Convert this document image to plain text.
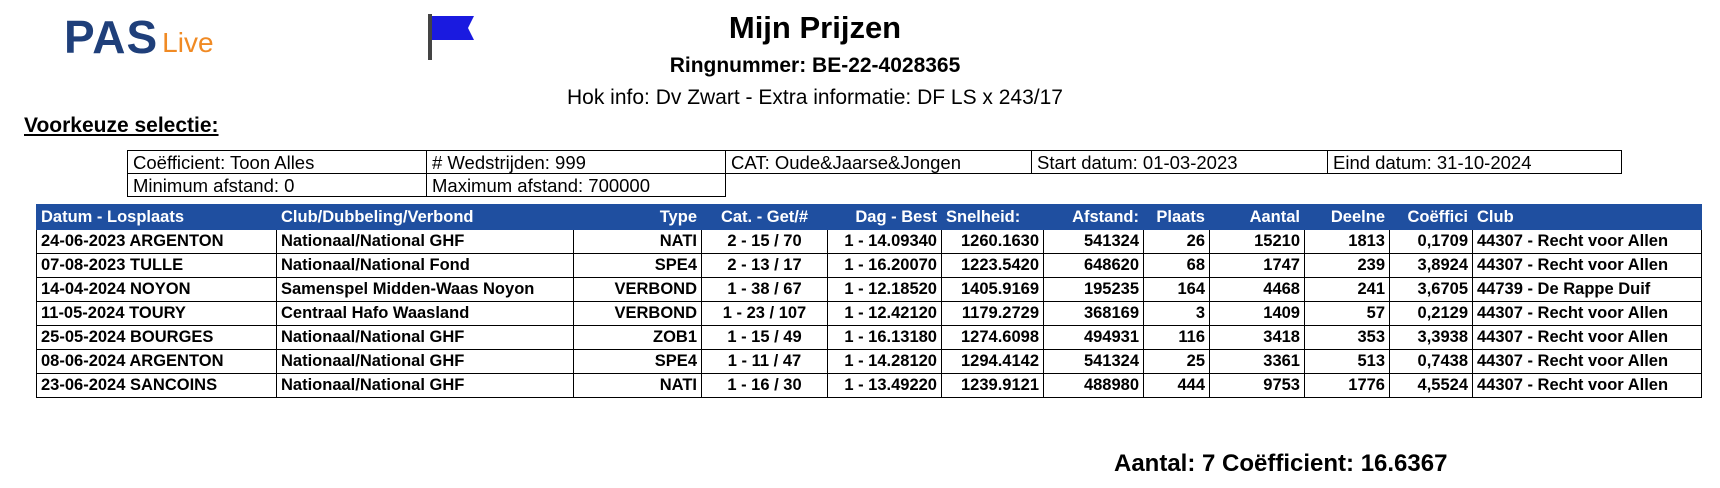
PAS Live	Mijn Prijzen
Ringnummer: BE-22-4028365
Hok info: Dv Zwart - Extra informatie: DF LS x 243/17
Voorkeuze selectie:
Coëfficient: Toon Alles	# Wedstrijden: 999	CAT: Oude&Jaarse&Jongen	Start datum: 01-03-2023	Eind datum: 31-10-2024
Minimum afstand: 0	Maximum afstand: 700000			
Datum - Losplaats	Club/Dubbeling/Verbond	Type	Cat. - Get/#	Dag - Best	Snelheid:	Afstand:	Plaats	Aantal	Deelne	Coëffici	Club
24-06-2023 ARGENTON	Nationaal/National GHF	NATI	2 - 15 / 70	1 - 14.09340	1260.1630	541324	26	15210	1813	0,1709	44307 - Recht voor Allen
07-08-2023 TULLE	Nationaal/National Fond	SPE4	2 - 13 / 17	1 - 16.20070	1223.5420	648620	68	1747	239	3,8924	44307 - Recht voor Allen
14-04-2024 NOYON	Samenspel Midden-Waas Noyon	VERBOND	1 - 38 / 67	1 - 12.18520	1405.9169	195235	164	4468	241	3,6705	44739 - De Rappe Duif
11-05-2024 TOURY	Centraal Hafo Waasland	VERBOND	1 - 23 / 107	1 - 12.42120	1179.2729	368169	3	1409	57	0,2129	44307 - Recht voor Allen
25-05-2024 BOURGES	Nationaal/National GHF	ZOB1	1 - 15 / 49	1 - 16.13180	1274.6098	494931	116	3418	353	3,3938	44307 - Recht voor Allen
08-06-2024 ARGENTON	Nationaal/National GHF	SPE4	1 - 11 / 47	1 - 14.28120	1294.4142	541324	25	3361	513	0,7438	44307 - Recht voor Allen
23-06-2024 SANCOINS	Nationaal/National GHF	NATI	1 - 16 / 30	1 - 13.49220	1239.9121	488980	444	9753	1776	4,5524	44307 - Recht voor Allen
Aantal: 7 Coëfficient: 16.6367
